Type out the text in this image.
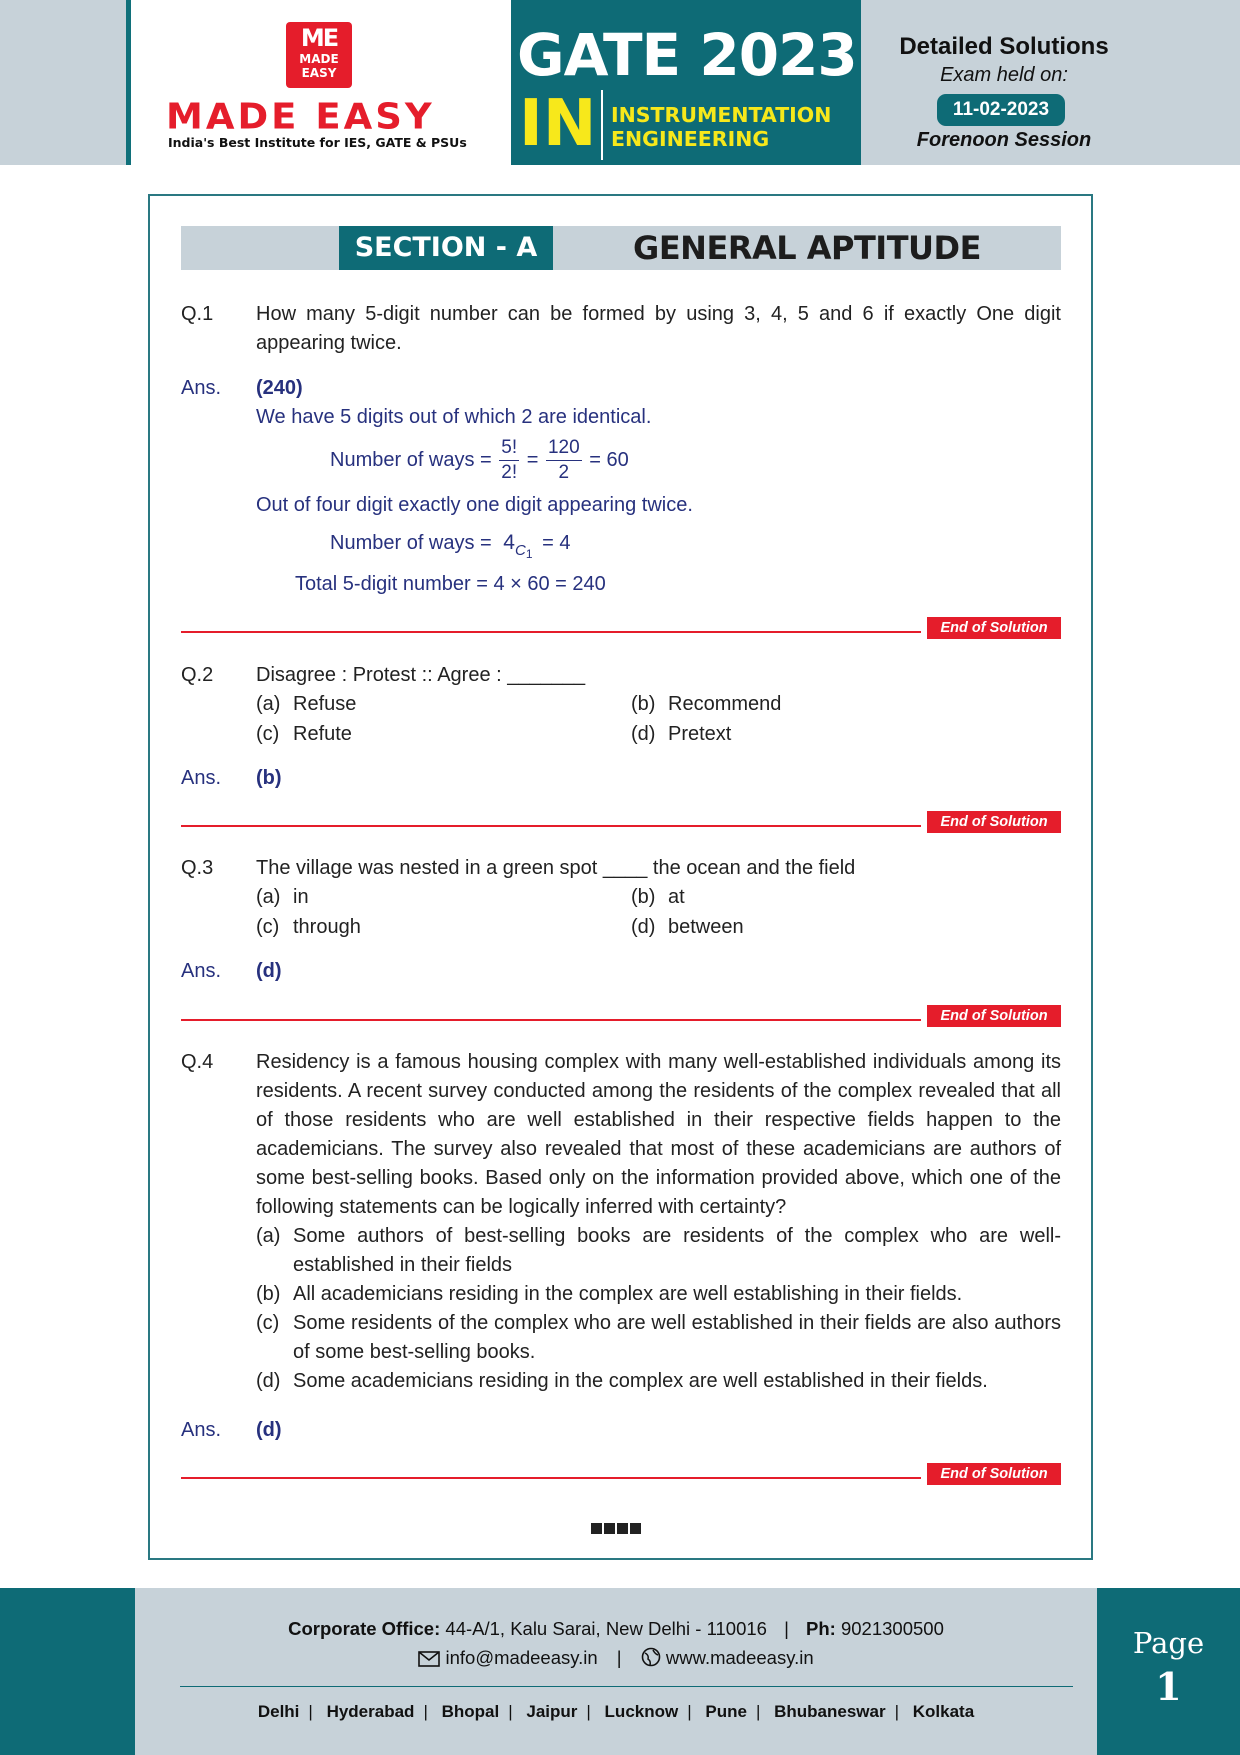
ME
MADE
EASY
MADE EASY
India's Best Institute for IES, GATE & PSUs
GATE 2023
IN INSTRUMENTATION
ENGINEERING
Detailed Solutions
Exam held on:
11-02-2023
Forenoon Session
SECTION - A	GENERAL APTITUDE
Q.1 How many 5-digit number can be formed by using 3, 4, 5 and 6 if exactly One digit appearing twice.
Ans. (240)
We have 5 digits out of which 2 are identical.
Number of ways = $\frac{5!}{2!} = \frac{120}{2} = 60$
Out of four digit exactly one digit appearing twice.
Number of ways = $4_{C1} = 4$
Total 5-digit number = 4 × 60 = 240
End of Solution
Q.2 Disagree : Protest :: Agree : _______
(a) Refuse	(b) Recommend
(c) Refute	(d) Pretext
Ans. (b)
End of Solution
Q.3 The village was nested in a green spot ____ the ocean and the field
(a) in	(b) at
(c) through	(d) between
Ans. (d)
End of Solution
Q.4 Residency is a famous housing complex with many well-established individuals among its residents. A recent survey conducted among the residents of the complex revealed that all of those residents who are well established in their respective fields happen to the academicians. The survey also revealed that most of these academicians are authors of some best-selling books. Based only on the information provided above, which one of the following statements can be logically inferred with certainty?
(a) Some authors of best-selling books are residents of the complex who are well-established in their fields
(b) All academicians residing in the complex are well establishing in their fields.
(c) Some residents of the complex who are well established in their fields are also authors of some best-selling books.
(d) Some academicians residing in the complex are well established in their fields.
Ans. (d)
End of Solution
Corporate Office: 44-A/1, Kalu Sarai, New Delhi - 110016 | Ph: 9021300500
info@madeeasy.in | www.madeeasy.in
Delhi | Hyderabad | Bhopal | Jaipur | Lucknow | Pune | Bhubaneswar | Kolkata
Page
1
